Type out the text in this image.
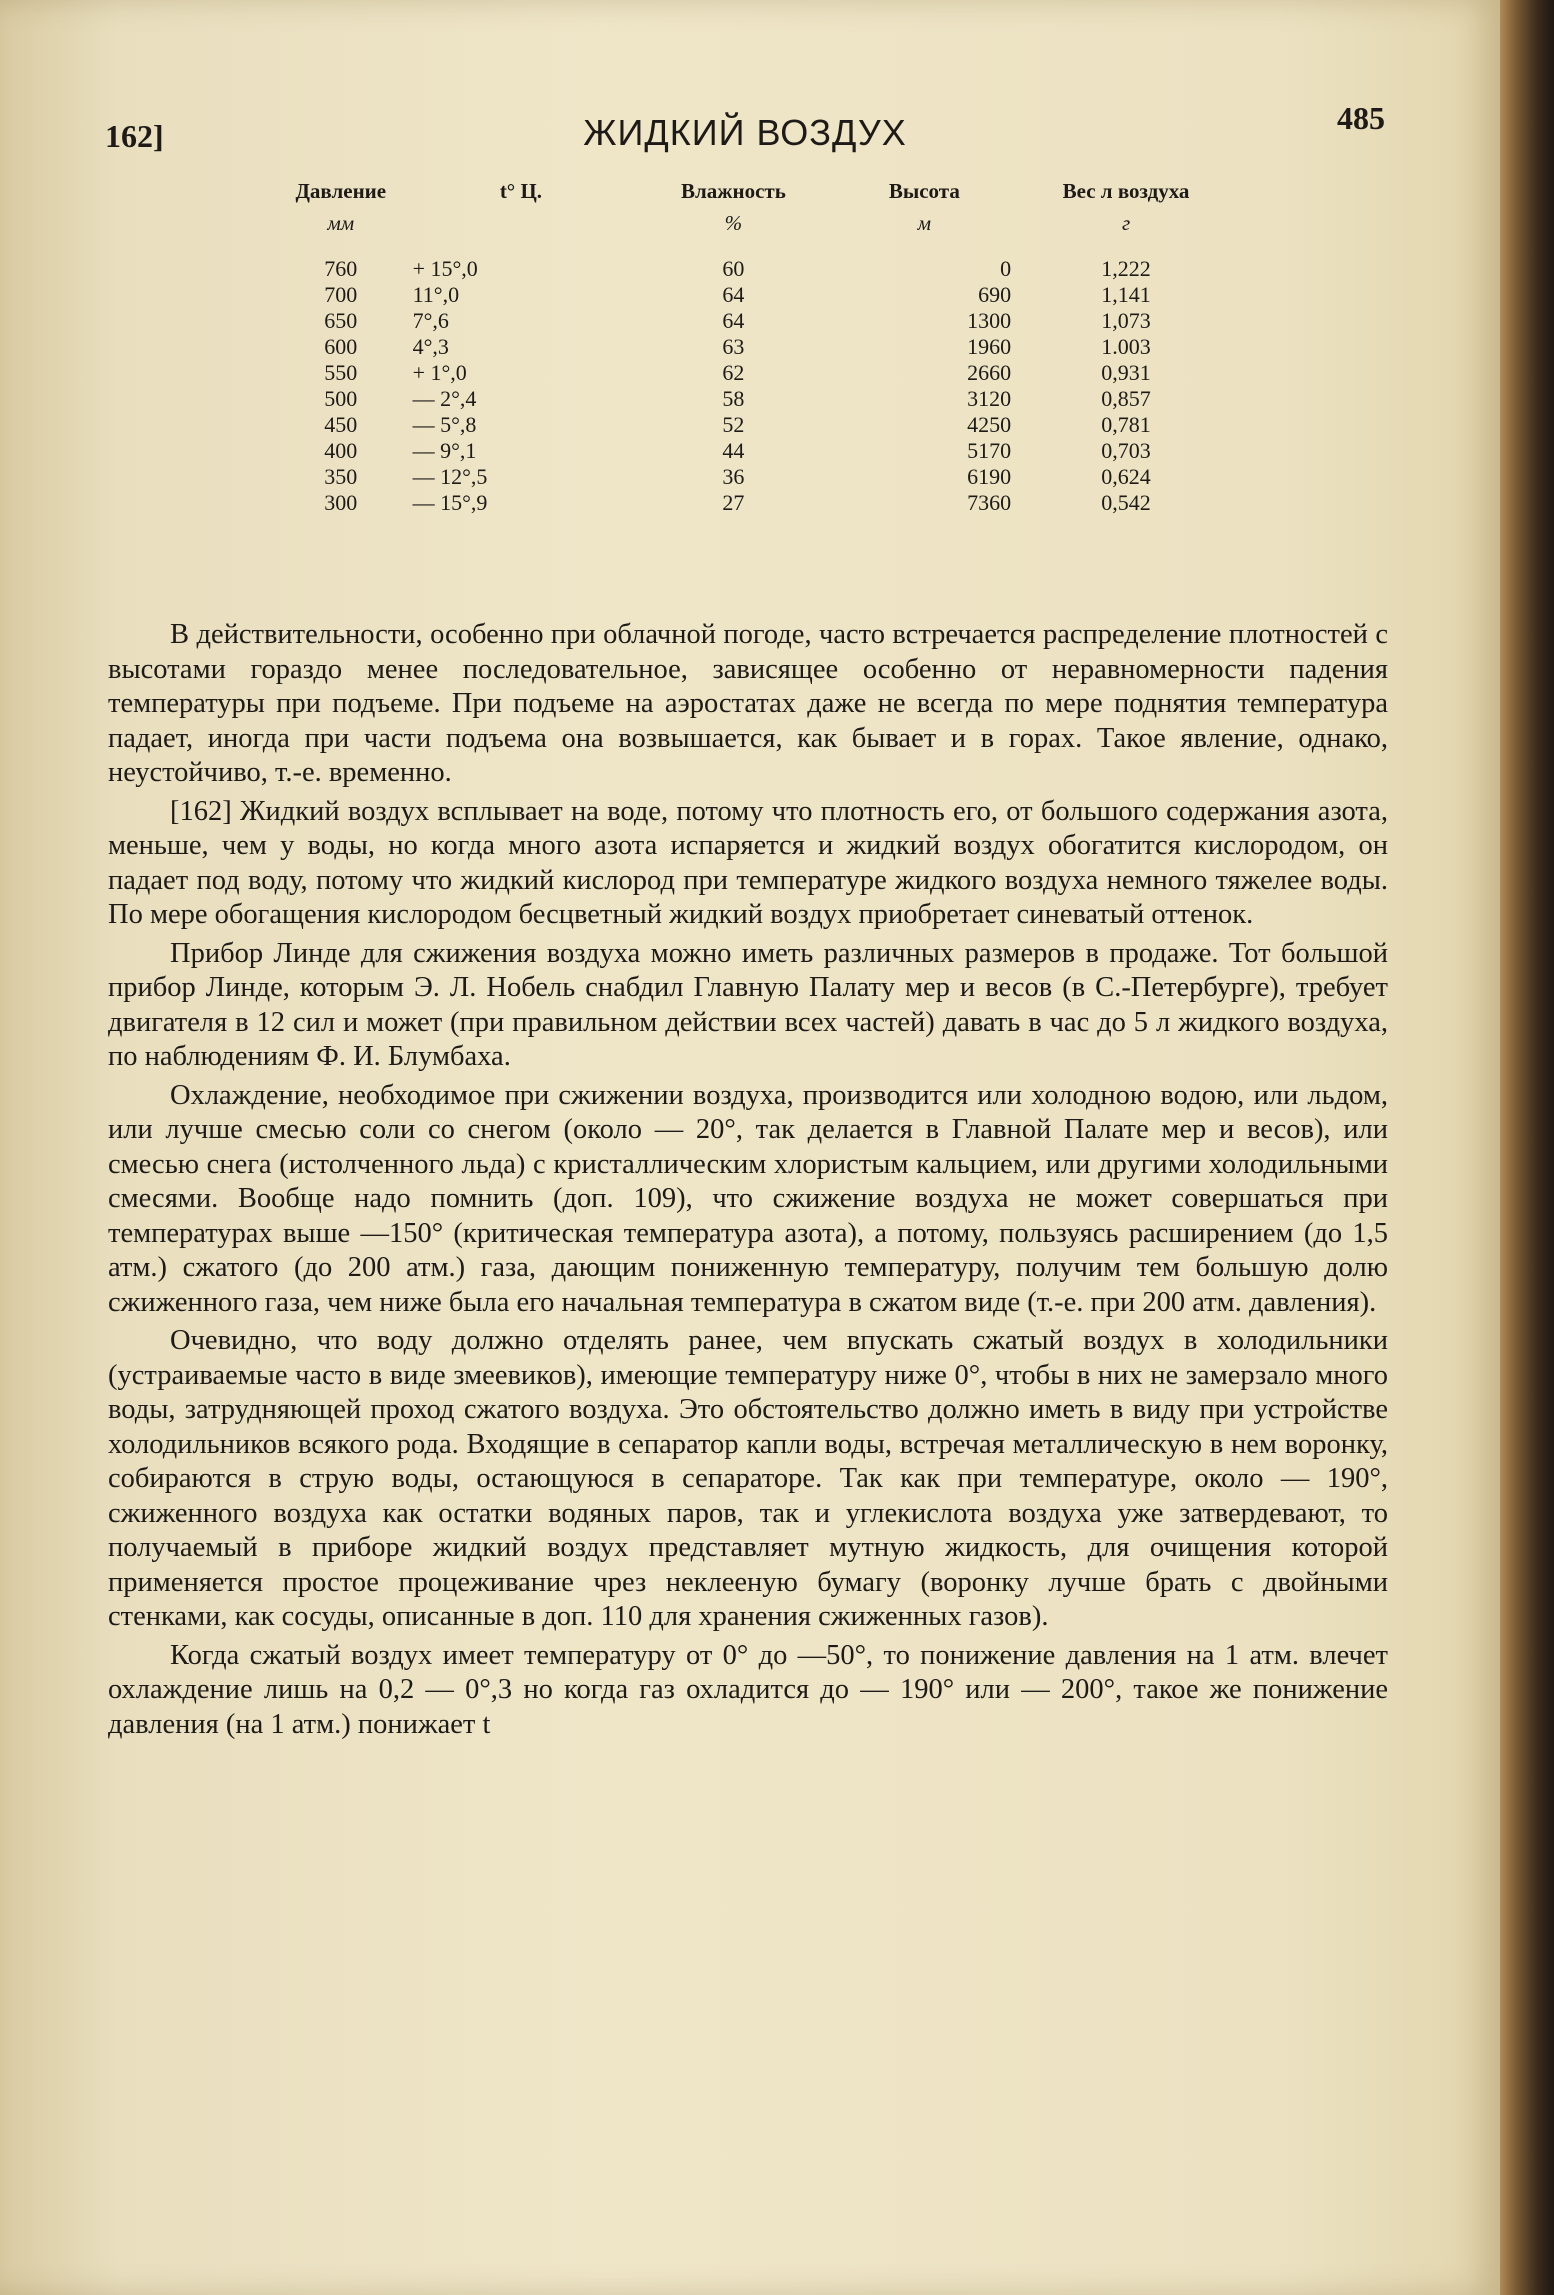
162]	ЖИДКИЙ ВОЗДУХ	485
Давление	t° Ц.	Влажность	Высота	Вес л воздуха
мм		%	м	г
760	+ 15°,0	60	0	1,222
700	11°,0	64	690	1,141
650	7°,6	64	1300	1,073
600	4°,3	63	1960	1.003
550	+ 1°,0	62	2660	0,931
500	— 2°,4	58	3120	0,857
450	— 5°,8	52	4250	0,781
400	— 9°,1	44	5170	0,703
350	— 12°,5	36	6190	0,624
300	— 15°,9	27	7360	0,542

В действительности, особенно при облачной погоде, часто встречается распределение плотностей с высотами гораздо менее последовательное, зависящее особенно от неравномерности падения температуры при подъеме. При подъеме на аэростатах даже не всегда по мере поднятия температура падает, иногда при части подъема она возвышается, как бывает и в горах. Такое явление, однако, неустойчиво, т.-е. временно.

[162] Жидкий воздух всплывает на воде, потому что плотность его, от большого содержания азота, меньше, чем у воды, но когда много азота испаряется и жидкий воздух обогатится кислородом, он падает под воду, потому что жидкий кислород при температуре жидкого воздуха немного тяжелее воды. По мере обогащения кислородом бесцветный жидкий воздух приобретает синеватый оттенок.

Прибор Линде для сжижения воздуха можно иметь различных размеров в продаже. Тот большой прибор Линде, которым Э. Л. Нобель снабдил Главную Палату мер и весов (в С.-Петербурге), требует двигателя в 12 сил и может (при правильном действии всех частей) давать в час до 5 л жидкого воздуха, по наблюдениям Ф. И. Блумбаха.

Охлаждение, необходимое при сжижении воздуха, производится или холодною водою, или льдом, или лучше смесью соли со снегом (около — 20°, так делается в Главной Палате мер и весов), или смесью снега (истолченного льда) с кристаллическим хлористым кальцием, или другими холодильными смесями. Вообще надо помнить (доп. 109), что сжижение воздуха не может совершаться при температурах выше —150° (критическая температура азота), а потому, пользуясь расширением (до 1,5 атм.) сжатого (до 200 атм.) газа, дающим пониженную температуру, получим тем большую долю сжиженного газа, чем ниже была его начальная температура в сжатом виде (т.-е. при 200 атм. давления).

Очевидно, что воду должно отделять ранее, чем впускать сжатый воздух в холодильники (устраиваемые часто в виде змеевиков), имеющие температуру ниже 0°, чтобы в них не замерзало много воды, затрудняющей проход сжатого воздуха. Это обстоятельство должно иметь в виду при устройстве холодильников всякого рода. Входящие в сепаратор капли воды, встречая металлическую в нем воронку, собираются в струю воды, остающуюся в сепараторе. Так как при температуре, около — 190°, сжиженного воздуха как остатки водяных паров, так и углекислота воздуха уже затвердевают, то получаемый в приборе жидкий воздух представляет мутную жидкость, для очищения которой применяется простое процеживание чрез неклееную бумагу (воронку лучше брать с двойными стенками, как сосуды, описанные в доп. 110 для хранения сжиженных газов).

Когда сжатый воздух имеет температуру от 0° до —50°, то понижение давления на 1 атм. влечет охлаждение лишь на 0,2 — 0°,3 но когда газ охладится до — 190° или — 200°, такое же понижение давления (на 1 атм.) понижает t
